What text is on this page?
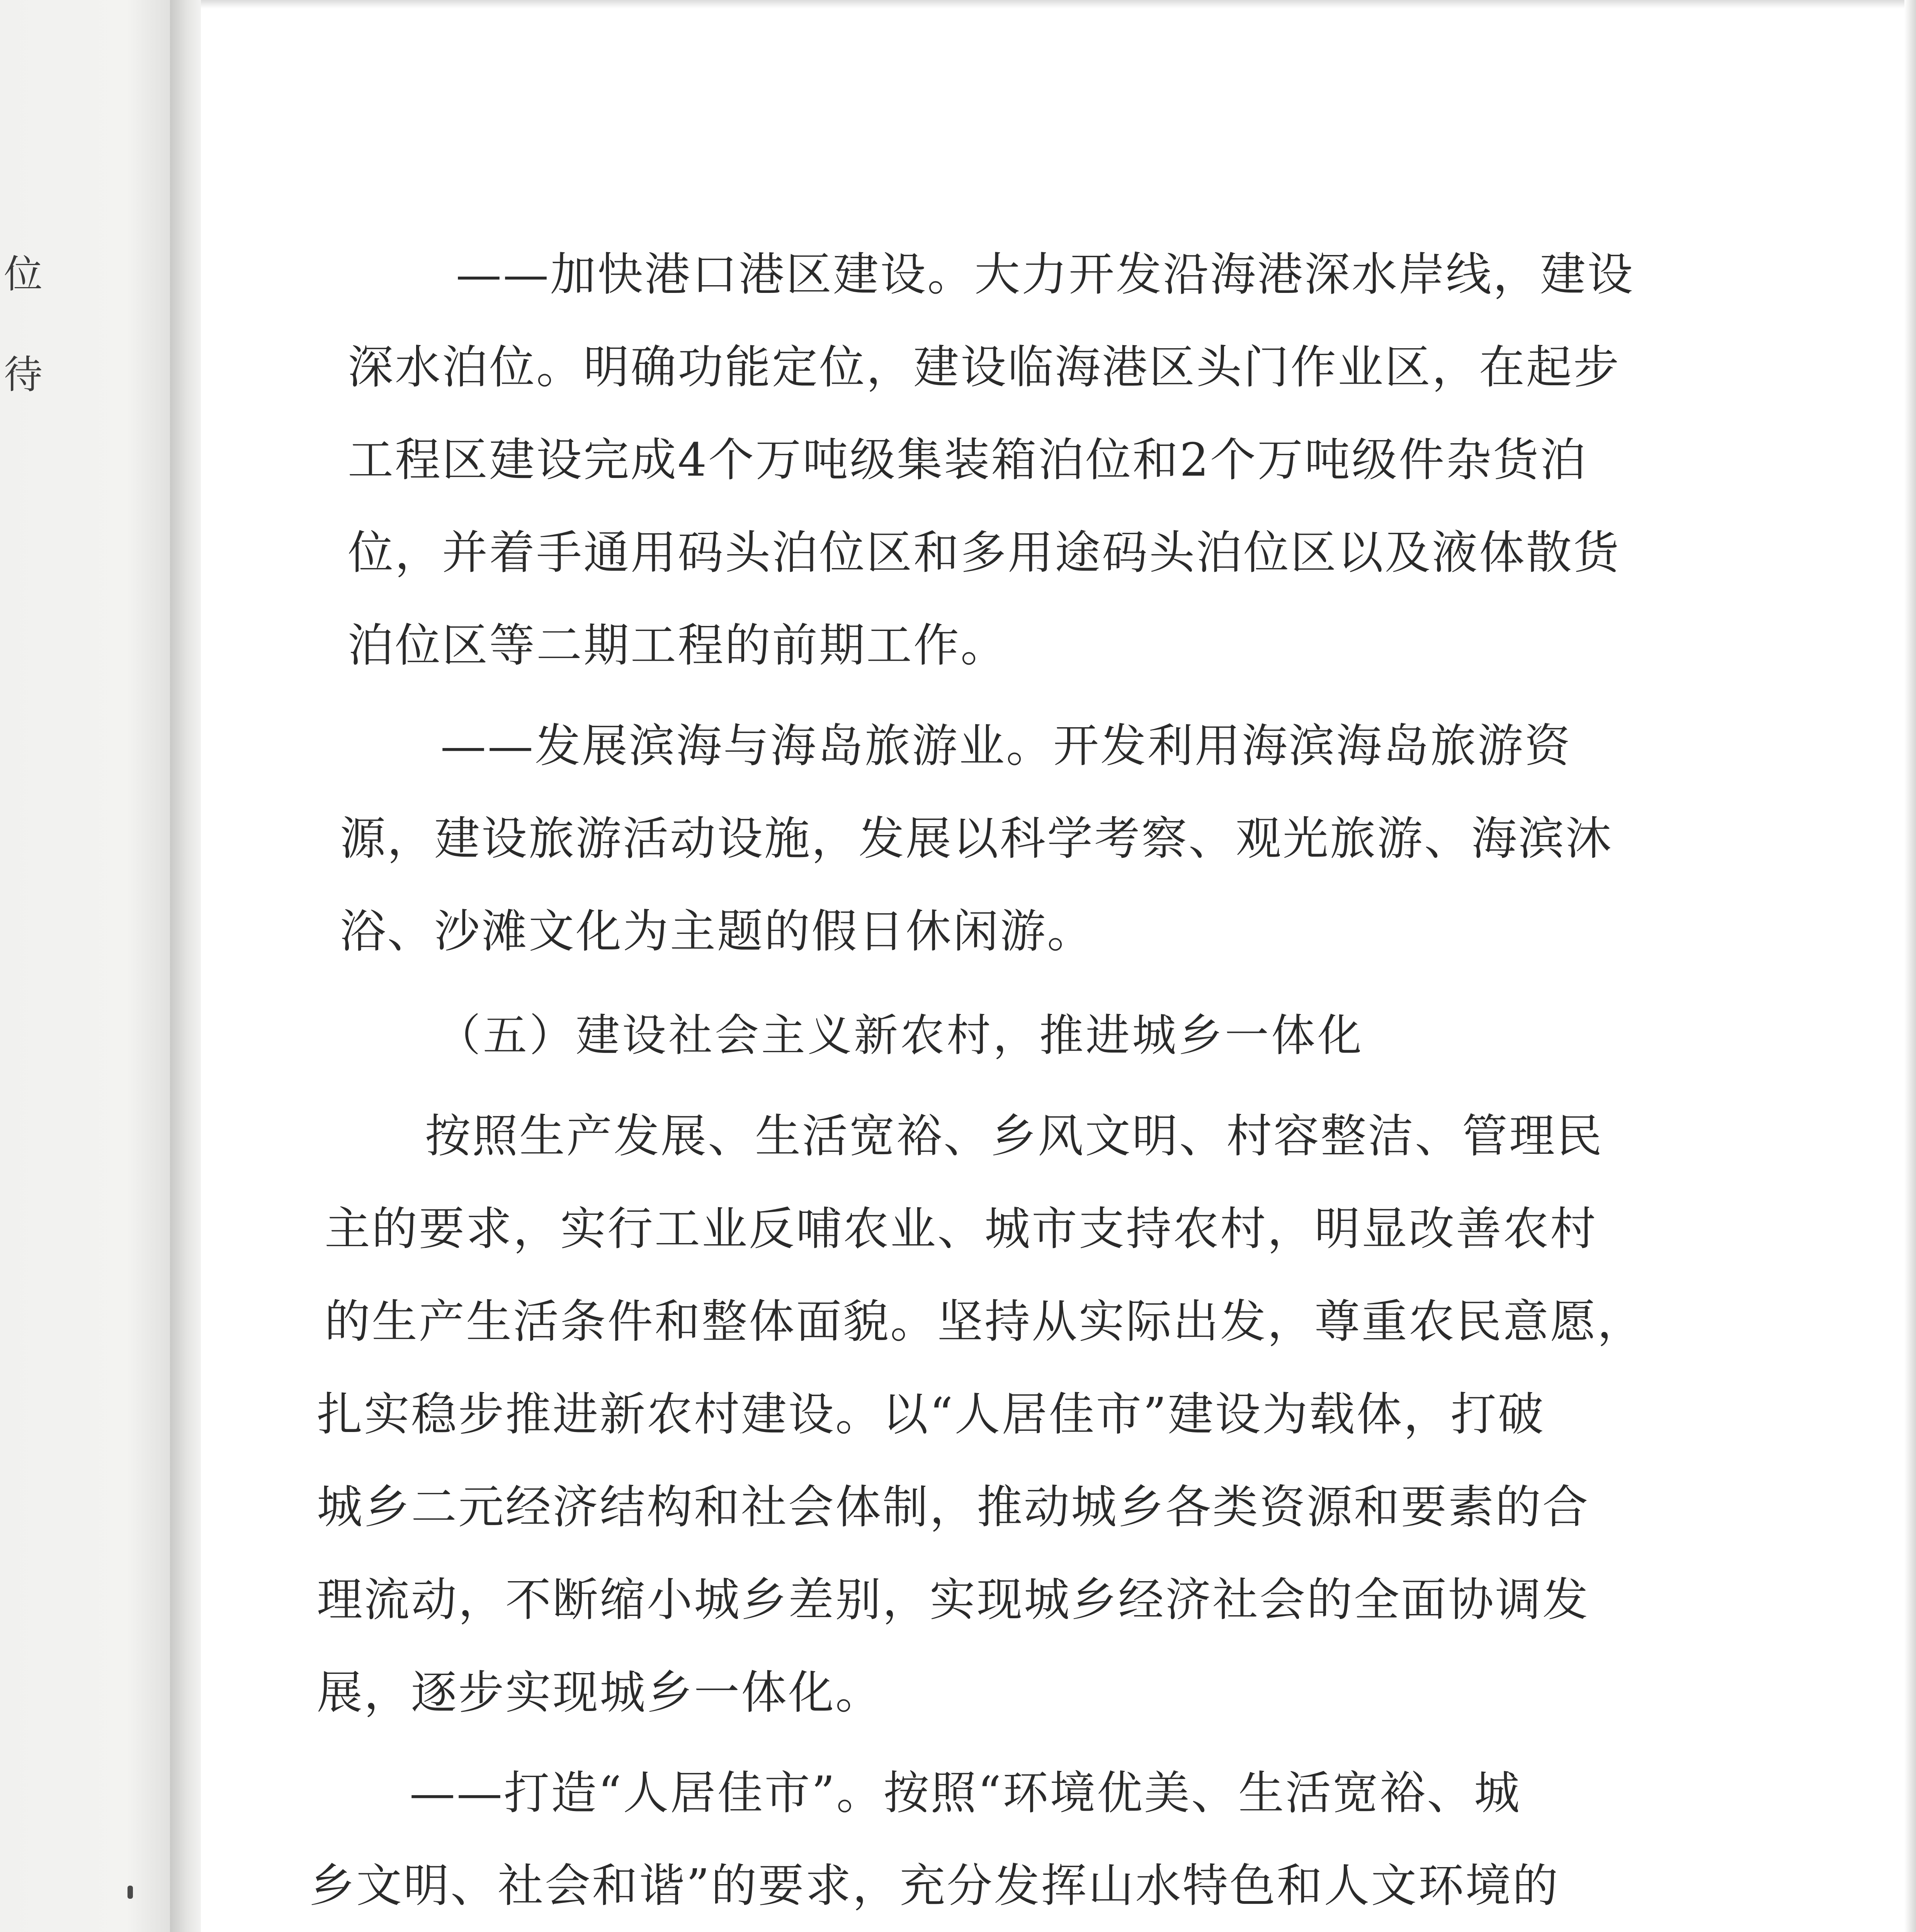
位
待
——加快港口港区建设。大力开发沿海港深水岸线，建设
深水泊位。明确功能定位，建设临海港区头门作业区，在起步
工程区建设完成4个万吨级集装箱泊位和2个万吨级件杂货泊
位，并着手通用码头泊位区和多用途码头泊位区以及液体散货
泊位区等二期工程的前期工作。
——发展滨海与海岛旅游业。开发利用海滨海岛旅游资
源，建设旅游活动设施，发展以科学考察、观光旅游、海滨沐
浴、沙滩文化为主题的假日休闲游。
（五）建设社会主义新农村，推进城乡一体化
按照生产发展、生活宽裕、乡风文明、村容整洁、管理民
主的要求，实行工业反哺农业、城市支持农村，明显改善农村
的生产生活条件和整体面貌。坚持从实际出发，尊重农民意愿，
扎实稳步推进新农村建设。以“人居佳市”建设为载体，打破
城乡二元经济结构和社会体制，推动城乡各类资源和要素的合
理流动，不断缩小城乡差别，实现城乡经济社会的全面协调发
展，逐步实现城乡一体化。
——打造“人居佳市”。按照“环境优美、生活宽裕、城
乡文明、社会和谐”的要求，充分发挥山水特色和人文环境的
